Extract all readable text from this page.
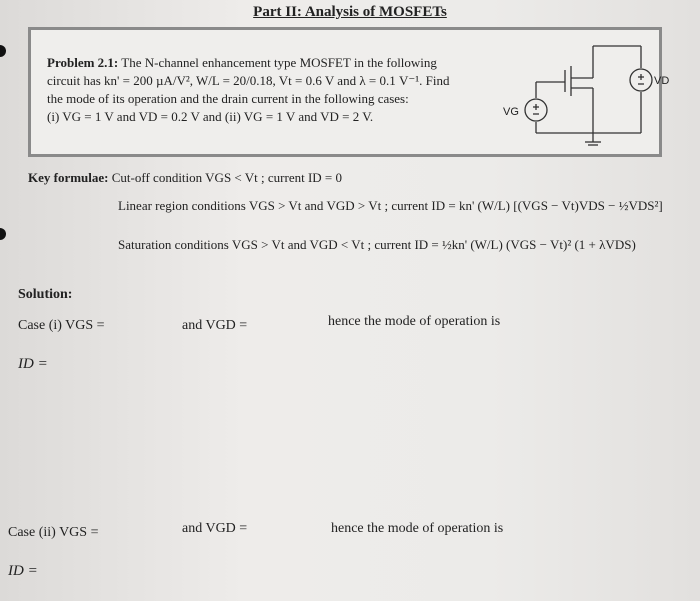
Part II: Analysis of MOSFETs
Problem 2.1: The N-channel enhancement type MOSFET in the following
circuit has kn' = 200 µA/V², W/L = 20/0.18, Vt = 0.6 V and λ = 0.1 V⁻¹. Find
the mode of its operation and the drain current in the following cases:
(i) VG = 1 V and VD = 0.2 V and (ii) VG = 1 V and VD = 2 V.	VG
VD
Key formulae: Cut-off condition VGS < Vt ; current ID = 0
Linear region conditions VGS > Vt and VGD > Vt ; current ID = kn' (W/L) [(VGS − Vt)VDS − ½VDS²]
Saturation conditions VGS > Vt and VGD < Vt ; current ID = ½kn' (W/L) (VGS − Vt)² (1 + λVDS)
Solution:
Case (i) VGS =	and VGD =	hence the mode of operation is
ID =
Case (ii) VGS =	and VGD =	hence the mode of operation is
ID =
